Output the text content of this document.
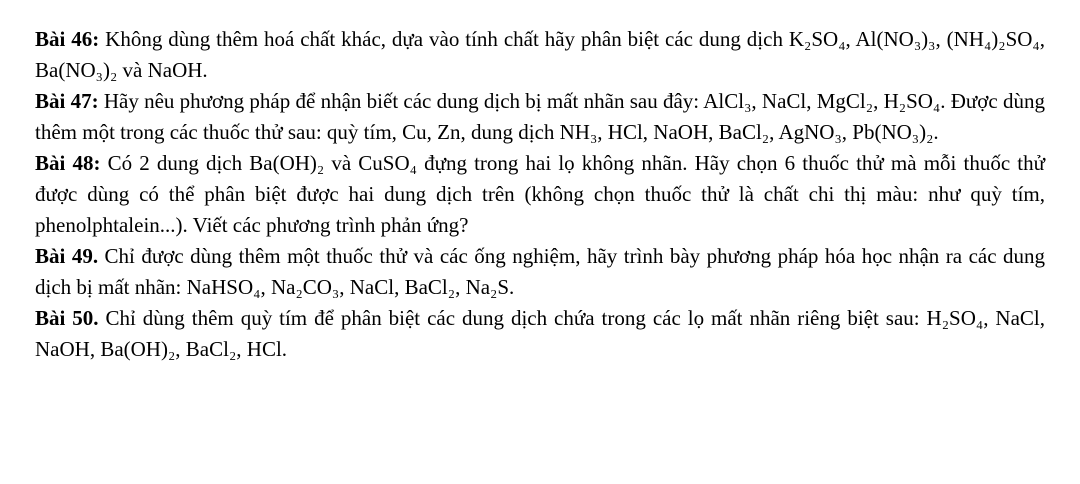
Bài 46: Không dùng thêm hoá chất khác, dựa vào tính chất hãy phân biệt các dung dịch K₂SO₄, Al(NO₃)₃, (NH₄)₂SO₄, Ba(NO₃)₂ và NaOH.

Bài 47: Hãy nêu phương pháp để nhận biết các dung dịch bị mất nhãn sau đây: AlCl₃, NaCl, MgCl₂, H₂SO₄. Được dùng thêm một trong các thuốc thử sau: quỳ tím, Cu, Zn, dung dịch NH₃, HCl, NaOH, BaCl₂, AgNO₃, Pb(NO₃)₂.

Bài 48: Có 2 dung dịch Ba(OH)₂ và CuSO₄ đựng trong hai lọ không nhãn. Hãy chọn 6 thuốc thử mà mỗi thuốc thử được dùng có thể phân biệt được hai dung dịch trên (không chọn thuốc thử là chất chi thị màu: như quỳ tím, phenolphtalein...). Viết các phương trình phản ứng?

Bài 49. Chỉ được dùng thêm một thuốc thử và các ống nghiệm, hãy trình bày phương pháp hóa học nhận ra các dung dịch bị mất nhãn: NaHSO₄, Na₂CO₃, NaCl, BaCl₂, Na₂S.

Bài 50. Chỉ dùng thêm quỳ tím để phân biệt các dung dịch chứa trong các lọ mất nhãn riêng biệt sau: H₂SO₄, NaCl, NaOH, Ba(OH)₂, BaCl₂, HCl.
